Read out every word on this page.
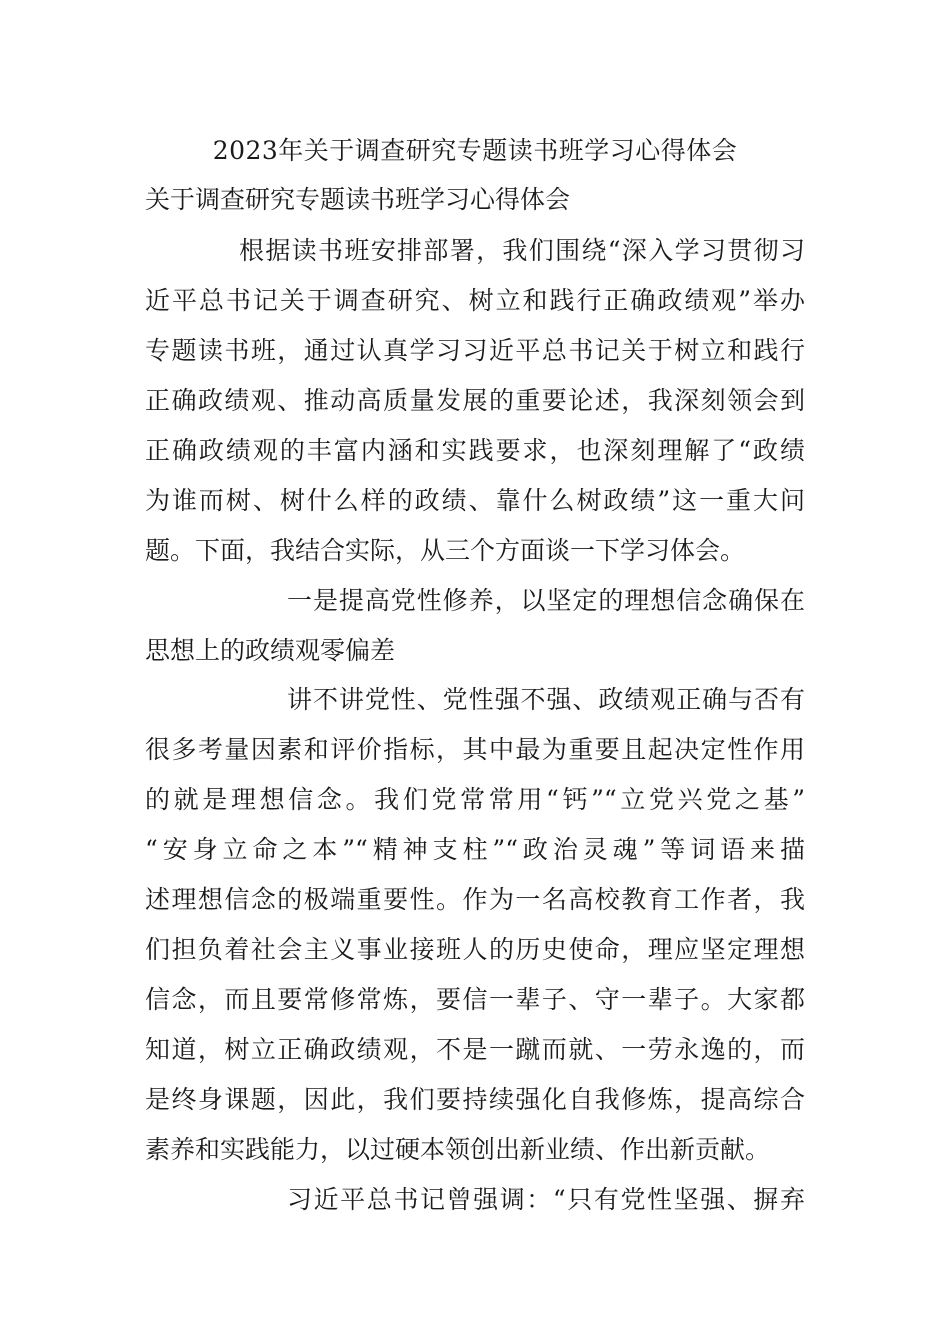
2023年关于调查研究专题读书班学习心得体会
关于调查研究专题读书班学习心得体会
根据读书班安排部署，我们围绕“深入学习贯彻习
近平总书记关于调查研究、树立和践行正确政绩观”举办
专题读书班，通过认真学习习近平总书记关于树立和践行
正确政绩观、推动高质量发展的重要论述，我深刻领会到
正确政绩观的丰富内涵和实践要求，也深刻理解了“政绩
为谁而树、树什么样的政绩、靠什么树政绩”这一重大问
题。下面，我结合实际，从三个方面谈一下学习体会。
一是提高党性修养，以坚定的理想信念确保在
思想上的政绩观零偏差
讲不讲党性、党性强不强、政绩观正确与否有
很多考量因素和评价指标，其中最为重要且起决定性作用
的就是理想信念。我们党常常用“钙”“立党兴党之基”
“安身立命之本”“精神支柱”“政治灵魂”等词语来描
述理想信念的极端重要性。作为一名高校教育工作者，我
们担负着社会主义事业接班人的历史使命，理应坚定理想
信念，而且要常修常炼，要信一辈子、守一辈子。大家都
知道，树立正确政绩观，不是一蹴而就、一劳永逸的，而
是终身课题，因此，我们要持续强化自我修炼，提高综合
素养和实践能力，以过硬本领创出新业绩、作出新贡献。
习近平总书记曾强调：“只有党性坚强、摒弃
